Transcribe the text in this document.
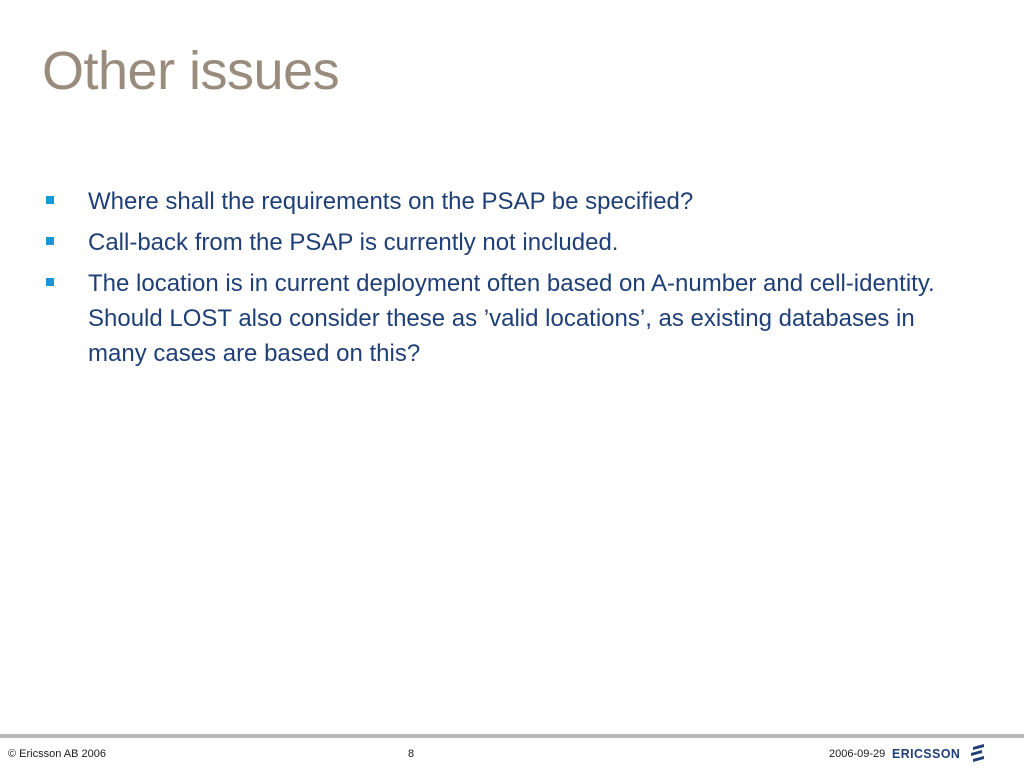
Other issues
Where shall the requirements on the PSAP be specified?
Call-back from the PSAP is currently not included.
The location is in current deployment often based on A-number and cell-identity. Should LOST also consider these as ’valid locations’, as existing databases in many cases are based on this?
© Ericsson AB 2006	8	2006-09-29 ERICSSON
